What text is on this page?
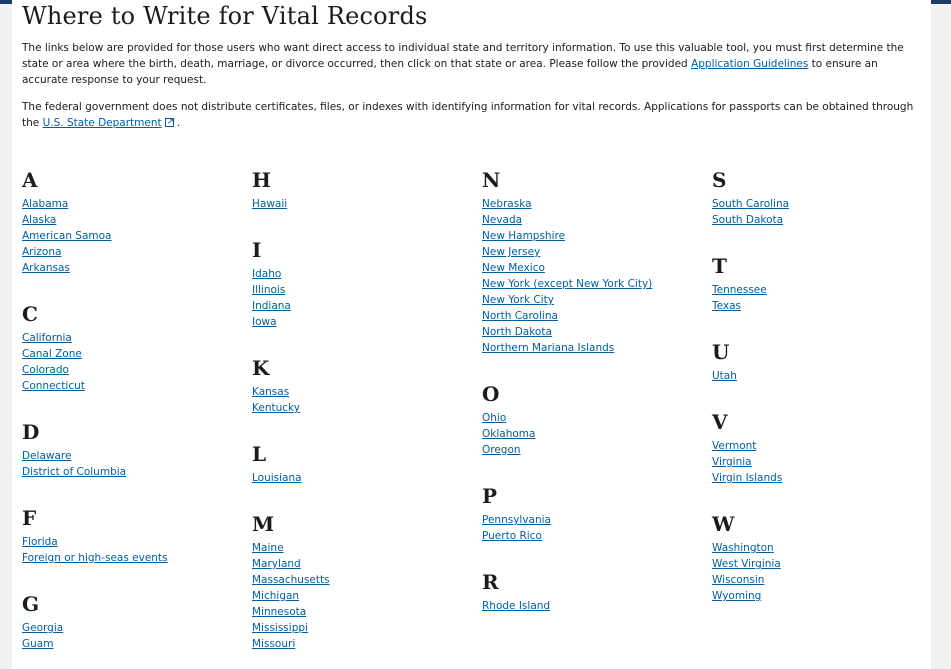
Where to Write for Vital Records

The links below are provided for those users who want direct access to individual state and territory information. To use this valuable tool, you must first determine the state or area where the birth, death, marriage, or divorce occurred, then click on that state or area. Please follow the provided Application Guidelines to ensure an accurate response to your request.

The federal government does not distribute certificates, files, or indexes with identifying information for vital records. Applications for passports can be obtained through the U.S. State Department↗ .

A
Alabama
Alaska
American Samoa
Arizona
Arkansas
C
California
Canal Zone
Colorado
Connecticut
D
Delaware
District of Columbia
F
Florida
Foreign or high-seas events
G
Georgia
Guam
H
Hawaii
I
Idaho
Illinois
Indiana
Iowa
K
Kansas
Kentucky
L
Louisiana
M
Maine
Maryland
Massachusetts
Michigan
Minnesota
Mississippi
Missouri
N
Nebraska
Nevada
New Hampshire
New Jersey
New Mexico
New York (except New York City)
New York City
North Carolina
North Dakota
Northern Mariana Islands
O
Ohio
Oklahoma
Oregon
P
Pennsylvania
Puerto Rico
R
Rhode Island
S
South Carolina
South Dakota
T
Tennessee
Texas
U
Utah
V
Vermont
Virginia
Virgin Islands
W
Washington
West Virginia
Wisconsin
Wyoming
